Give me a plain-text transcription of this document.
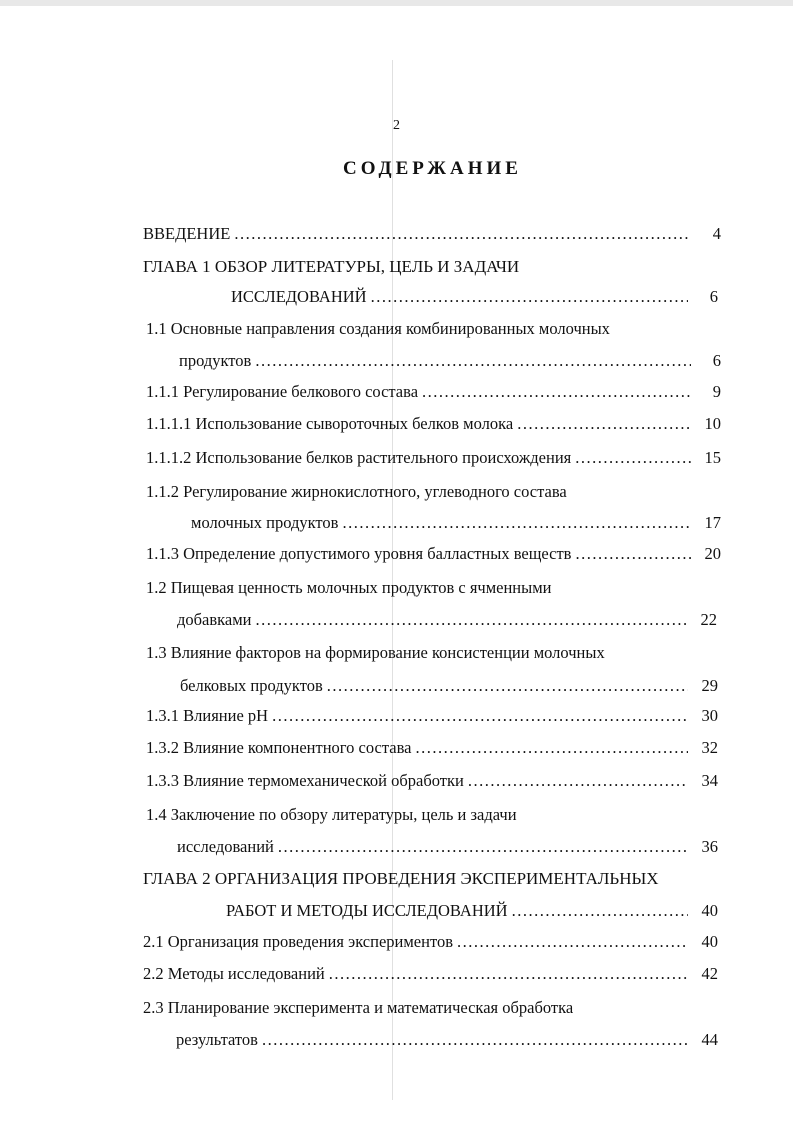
2
СОДЕРЖАНИЕ
ВВЕДЕНИЕ .....	4
ГЛАВА 1 ОБЗОР ЛИТЕРАТУРЫ, ЦЕЛЬ И ЗАДАЧИ
ИССЛЕДОВАНИЙ .....	6
1.1 Основные направления создания комбинированных молочных
продуктов .....	6
1.1.1 Регулирование белкового состава .....	9
1.1.1.1 Использование сывороточных белков молока .....	10
1.1.1.2 Использование белков растительного происхождения .....	15
1.1.2 Регулирование жирнокислотного, углеводного состава
молочных продуктов .....	17
1.1.3 Определение допустимого уровня балластных веществ .....	20
1.2 Пищевая ценность молочных продуктов с ячменными
добавками .....	22
1.3 Влияние факторов на формирование консистенции молочных
белковых продуктов .....	29
1.3.1 Влияние pH .....	30
1.3.2 Влияние компонентного состава .....	32
1.3.3 Влияние термомеханической обработки .....	34
1.4 Заключение по обзору литературы, цель и задачи
исследований .....	36
ГЛАВА 2 ОРГАНИЗАЦИЯ ПРОВЕДЕНИЯ ЭКСПЕРИМЕНТАЛЬНЫХ
РАБОТ И МЕТОДЫ ИССЛЕДОВАНИЙ .....	40
2.1 Организация проведения экспериментов .....	40
2.2 Методы исследований .....	42
2.3 Планирование эксперимента и математическая обработка
результатов .....	44
